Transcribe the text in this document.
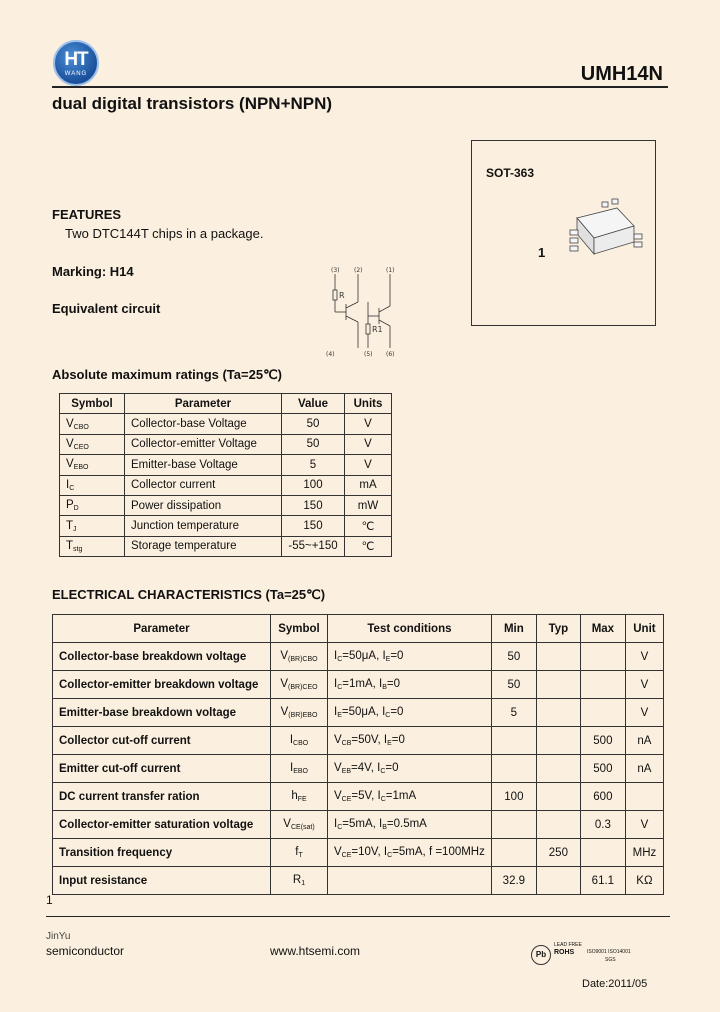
HT
WANG	UMH14N
dual digital transistors (NPN+NPN)
SOT-363
1
FEATURES
Two DTC144T chips in a package.
Marking: H14
Equivalent circuit
(3) (2)	(1)
(4)	(5) (6)
R
R1
Absolute maximum ratings (Ta=25℃)
Symbol	Parameter	Value	Units
$V_{CBO}$	Collector-base Voltage	50	V
$V_{CEO}$	Collector-emitter Voltage	50	V
$V_{EBO}$	Emitter-base Voltage	5	V
$I_C$	Collector current	100	mA
$P_D$	Power dissipation	150	mW
$T_J$	Junction temperature	150	℃
$T_{stg}$	Storage temperature	-55~+150	℃
ELECTRICAL CHARACTERISTICS (Ta=25℃)
Parameter	Symbol	Test conditions	Min	Typ	Max	Unit
Collector-base breakdown voltage	$V_{(BR)CBO}$	$I_C=50\mu A$, $I_E=0$	50			V
Collector-emitter breakdown voltage	$V_{(BR)CEO}$	$I_C=1mA$, $I_B=0$	50			V
Emitter-base breakdown voltage	$V_{(BR)EBO}$	$I_E=50\mu A$, $I_C=0$	5			V
Collector cut-off current	$I_{CBO}$	$V_{CB}=50V$, $I_E=0$			500	nA
Emitter cut-off current	$I_{EBO}$	$V_{EB}=4V$, $I_C=0$			500	nA
DC current transfer ration	$h_{FE}$	$V_{CE}=5V$, $I_C=1mA$	100		600	
Collector-emitter saturation voltage	$V_{CE(sat)}$	$I_C=5mA$, $I_B=0.5mA$			0.3	V
Transition frequency	$f_T$	$V_{CE}=10V$, $I_C=5mA$, f =100MHz		250		MHz
Input resistance	$R_1$		32.9		61.1	KΩ
1
JinYu
semiconductor	www.htsemi.com	Pb
LEAD FREE
ROHS	ISO9001 ISO14001
SGS
Date:2011/05
